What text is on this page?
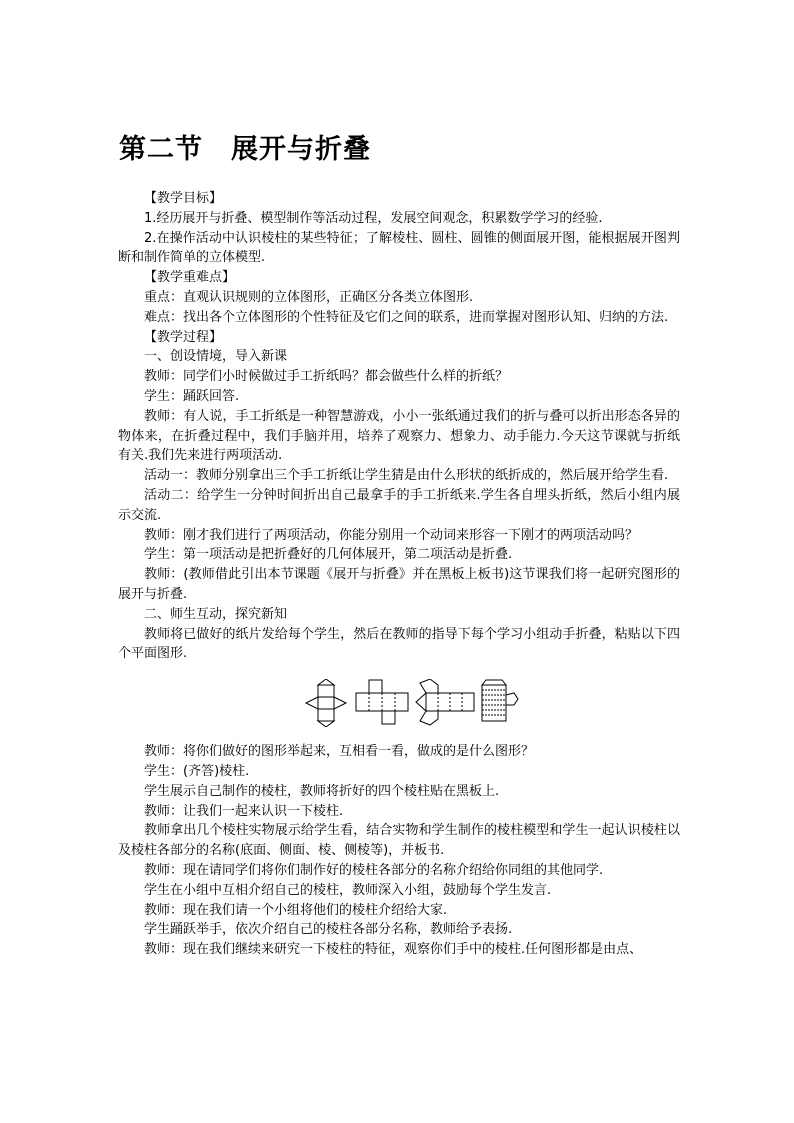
第二节　展开与折叠

【教学目标】

1.经历展开与折叠、模型制作等活动过程，发展空间观念，积累数学学习的经验.

2.在操作活动中认识棱柱的某些特征；了解棱柱、圆柱、圆锥的侧面展开图，能根据展开图判断和制作简单的立体模型.

【教学重难点】

重点：直观认识规则的立体图形，正确区分各类立体图形.

难点：找出各个立体图形的个性特征及它们之间的联系，进而掌握对图形认知、归纳的方法.

【教学过程】

一、创设情境，导入新课

教师：同学们小时候做过手工折纸吗？都会做些什么样的折纸？

学生：踊跃回答.

教师：有人说，手工折纸是一种智慧游戏，小小一张纸通过我们的折与叠可以折出形态各异的物体来，在折叠过程中，我们手脑并用，培养了观察力、想象力、动手能力.今天这节课就与折纸有关.我们先来进行两项活动.

活动一：教师分别拿出三个手工折纸让学生猜是由什么形状的纸折成的，然后展开给学生看.

活动二：给学生一分钟时间折出自己最拿手的手工折纸来.学生各自埋头折纸，然后小组内展示交流.

教师：刚才我们进行了两项活动，你能分别用一个动词来形容一下刚才的两项活动吗？

学生：第一项活动是把折叠好的几何体展开，第二项活动是折叠.

教师：(教师借此引出本节课题《展开与折叠》并在黑板上板书)这节课我们将一起研究图形的展开与折叠.

二、师生互动，探究新知

教师将已做好的纸片发给每个学生，然后在教师的指导下每个学习小组动手折叠，粘贴以下四个平面图形.

教师：将你们做好的图形举起来，互相看一看，做成的是什么图形？

学生：(齐答)棱柱.

学生展示自己制作的棱柱，教师将折好的四个棱柱贴在黑板上.

教师：让我们一起来认识一下棱柱.

教师拿出几个棱柱实物展示给学生看，结合实物和学生制作的棱柱模型和学生一起认识棱柱以及棱柱各部分的名称(底面、侧面、棱、侧棱等)，并板书.

教师：现在请同学们将你们制作好的棱柱各部分的名称介绍给你同组的其他同学.

学生在小组中互相介绍自己的棱柱，教师深入小组，鼓励每个学生发言.

教师：现在我们请一个小组将他们的棱柱介绍给大家.

学生踊跃举手，依次介绍自己的棱柱各部分名称，教师给予表扬.

教师：现在我们继续来研究一下棱柱的特征，观察你们手中的棱柱.任何图形都是由点、
